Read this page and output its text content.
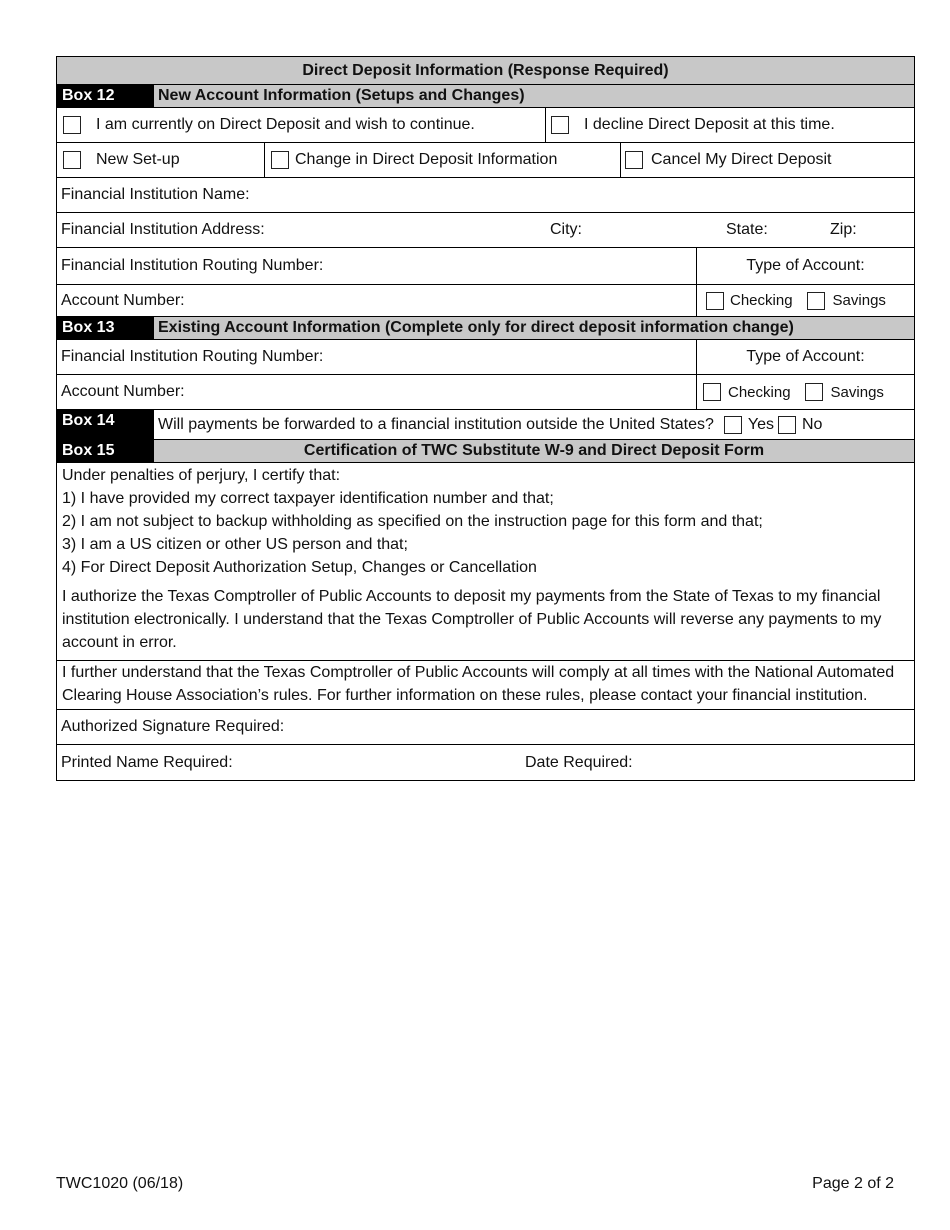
Direct Deposit Information (Response Required)
Box 12	New Account Information (Setups and Changes)
I am currently on Direct Deposit and wish to continue.	I decline Direct Deposit at this time.
New Set-up	Change in Direct Deposit Information	Cancel My Direct Deposit
Financial Institution Name:
Financial Institution Address:	City:	State:	Zip:
Financial Institution Routing Number:	Type of Account:
Account Number:	Checking	Savings
Box 13	Existing Account Information (Complete only for direct deposit information change)
Financial Institution Routing Number:	Type of Account:
Account Number:	Checking	Savings
Box 14	Will payments be forwarded to a financial institution outside the United States? Yes No
Box 15	Certification of TWC Substitute W-9 and Direct Deposit Form
Under penalties of perjury, I certify that:
1) I have provided my correct taxpayer identification number and that;
2) I am not subject to backup withholding as specified on the instruction page for this form and that;
3) I am a US citizen or other US person and that;
4) For Direct Deposit Authorization Setup, Changes or Cancellation
I authorize the Texas Comptroller of Public Accounts to deposit my payments from the State of Texas to my financial institution electronically. I understand that the Texas Comptroller of Public Accounts will reverse any payments to my account in error.
I further understand that the Texas Comptroller of Public Accounts will comply at all times with the National Automated Clearing House Association’s rules. For further information on these rules, please contact your financial institution.
Authorized Signature Required:
Printed Name Required:	Date Required:
TWC1020 (06/18)	Page 2 of 2
